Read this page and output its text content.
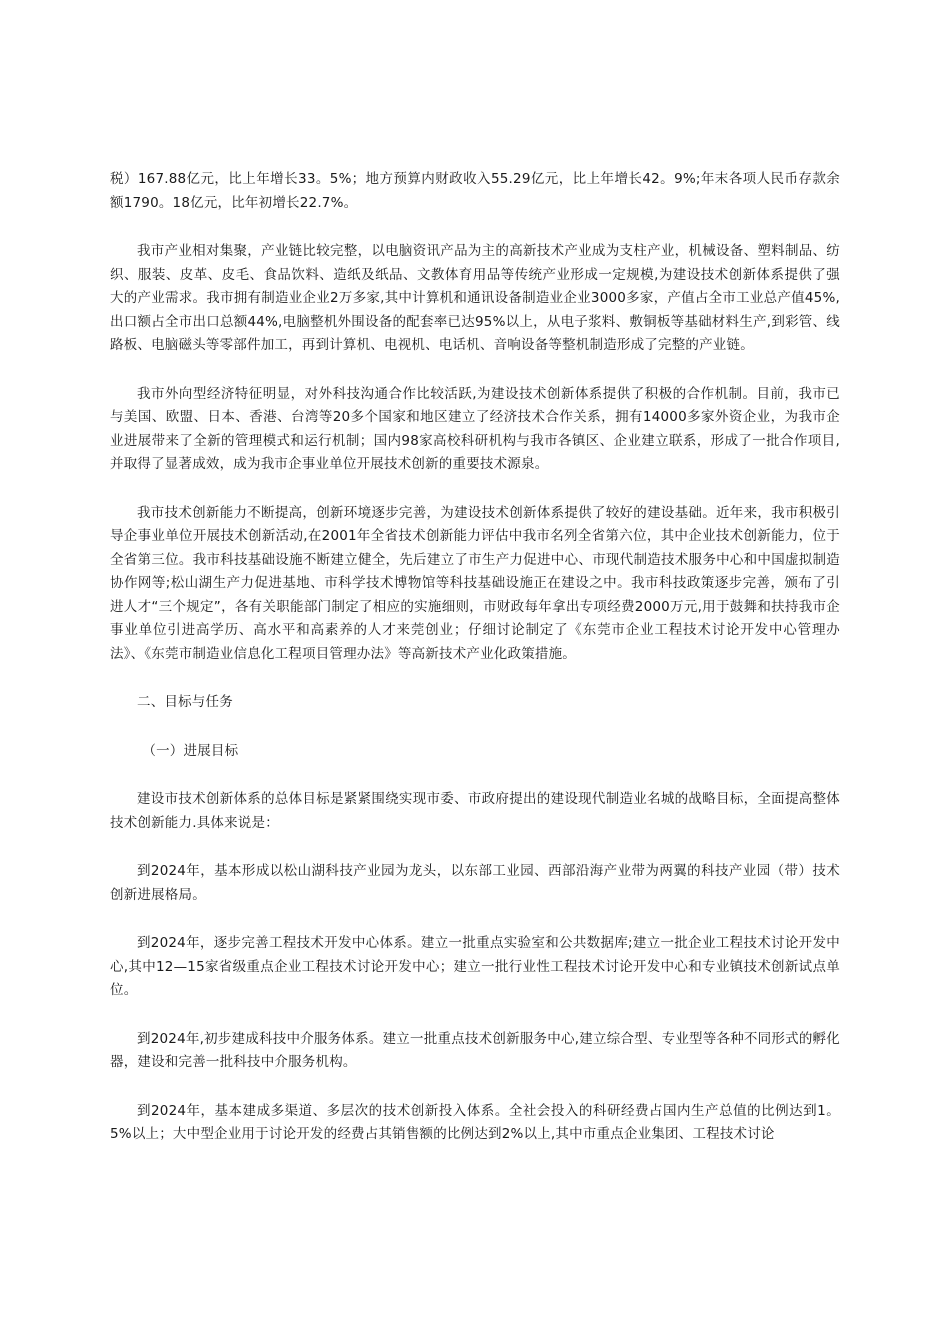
税）167.88亿元，比上年增长33。5%；地方预算内财政收入55.29亿元，比上年增长42。9%;年末各项人民币存款余额1790。18亿元，比年初增长22.7%。

我市产业相对集聚，产业链比较完整，以电脑资讯产品为主的高新技术产业成为支柱产业，机械设备、塑料制品、纺织、服装、皮革、皮毛、食品饮料、造纸及纸品、文教体育用品等传统产业形成一定规模,为建设技术创新体系提供了强大的产业需求。我市拥有制造业企业2万多家,其中计算机和通讯设备制造业企业3000多家，产值占全市工业总产值45%,出口额占全市出口总额44%,电脑整机外围设备的配套率已达95%以上，从电子浆料、敷铜板等基础材料生产,到彩管、线路板、电脑磁头等零部件加工，再到计算机、电视机、电话机、音响设备等整机制造形成了完整的产业链。

我市外向型经济特征明显，对外科技沟通合作比较活跃,为建设技术创新体系提供了积极的合作机制。目前，我市已与美国、欧盟、日本、香港、台湾等20多个国家和地区建立了经济技术合作关系，拥有14000多家外资企业，为我市企业进展带来了全新的管理模式和运行机制；国内98家高校科研机构与我市各镇区、企业建立联系，形成了一批合作项目,并取得了显著成效，成为我市企事业单位开展技术创新的重要技术源泉。

我市技术创新能力不断提高，创新环境逐步完善，为建设技术创新体系提供了较好的建设基础。近年来，我市积极引导企事业单位开展技术创新活动,在2001年全省技术创新能力评估中我市名列全省第六位，其中企业技术创新能力，位于全省第三位。我市科技基础设施不断建立健全，先后建立了市生产力促进中心、市现代制造技术服务中心和中国虚拟制造协作网等;松山湖生产力促进基地、市科学技术博物馆等科技基础设施正在建设之中。我市科技政策逐步完善，颁布了引进人才“三个规定”，各有关职能部门制定了相应的实施细则，市财政每年拿出专项经费2000万元,用于鼓舞和扶持我市企事业单位引进高学历、高水平和高素养的人才来莞创业；仔细讨论制定了《东莞市企业工程技术讨论开发中心管理办法》、《东莞市制造业信息化工程项目管理办法》等高新技术产业化政策措施。

二、目标与任务

（一）进展目标

建设市技术创新体系的总体目标是紧紧围绕实现市委、市政府提出的建设现代制造业名城的战略目标，全面提高整体技术创新能力.具体来说是：

到2024年，基本形成以松山湖科技产业园为龙头，以东部工业园、西部沿海产业带为两翼的科技产业园（带）技术创新进展格局。

到2024年，逐步完善工程技术开发中心体系。建立一批重点实验室和公共数据库;建立一批企业工程技术讨论开发中心,其中12—15家省级重点企业工程技术讨论开发中心；建立一批行业性工程技术讨论开发中心和专业镇技术创新试点单位。

到2024年,初步建成科技中介服务体系。建立一批重点技术创新服务中心,建立综合型、专业型等各种不同形式的孵化器，建设和完善一批科技中介服务机构。

到2024年，基本建成多渠道、多层次的技术创新投入体系。全社会投入的科研经费占国内生产总值的比例达到1。5%以上；大中型企业用于讨论开发的经费占其销售额的比例达到2%以上,其中市重点企业集团、工程技术讨论
